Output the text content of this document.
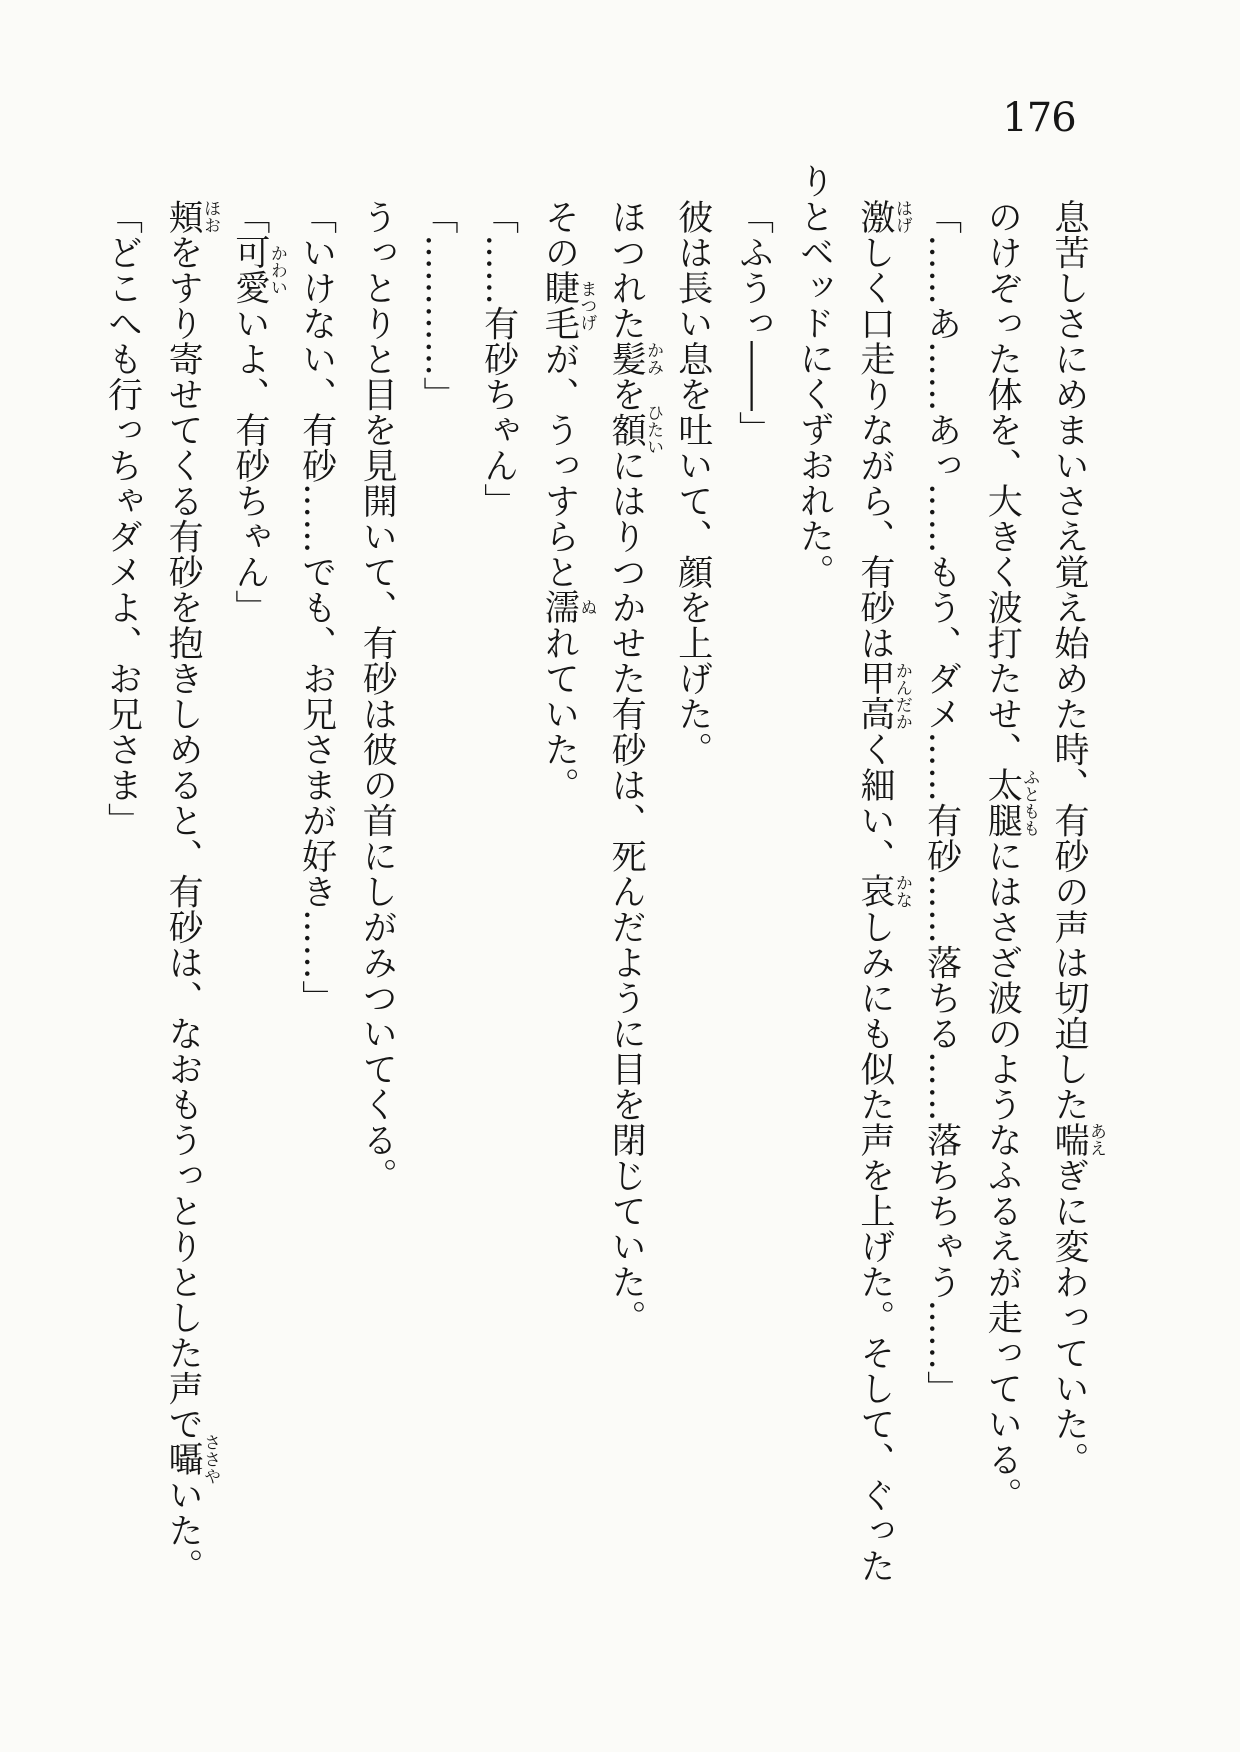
176

息苦しさにめまいさえ覚え始めた時、有砂の声は切迫した喘あえぎに変わっていた。

のけぞった体を、大きく波打たせ、太腿ふとももにはさざ波のようなふるえが走っている。

「……あ……あっ……もう、ダメ……有砂……落ちる……落ちちゃう……」

激はげしく口走りながら、有砂は甲高かんだかく細い、哀かなしみにも似た声を上げた。そして、ぐったりとベッドにくずおれた。

「ふうっ――」

彼は長い息を吐いて、顔を上げた。

ほつれた髪かみを額ひたいにはりつかせた有砂は、死んだように目を閉じていた。

その睫毛まつげが、うっすらと濡ぬれていた。

「……有砂ちゃん」

「…………」

うっとりと目を見開いて、有砂は彼の首にしがみついてくる。

「いけない、有砂……でも、お兄さまが好き……」

「可愛かわいいよ、有砂ちゃん」

頬ほおをすり寄せてくる有砂を抱きしめると、有砂は、なおもうっとりとした声で囁ささやいた。

「どこへも行っちゃダメよ、お兄さま」
